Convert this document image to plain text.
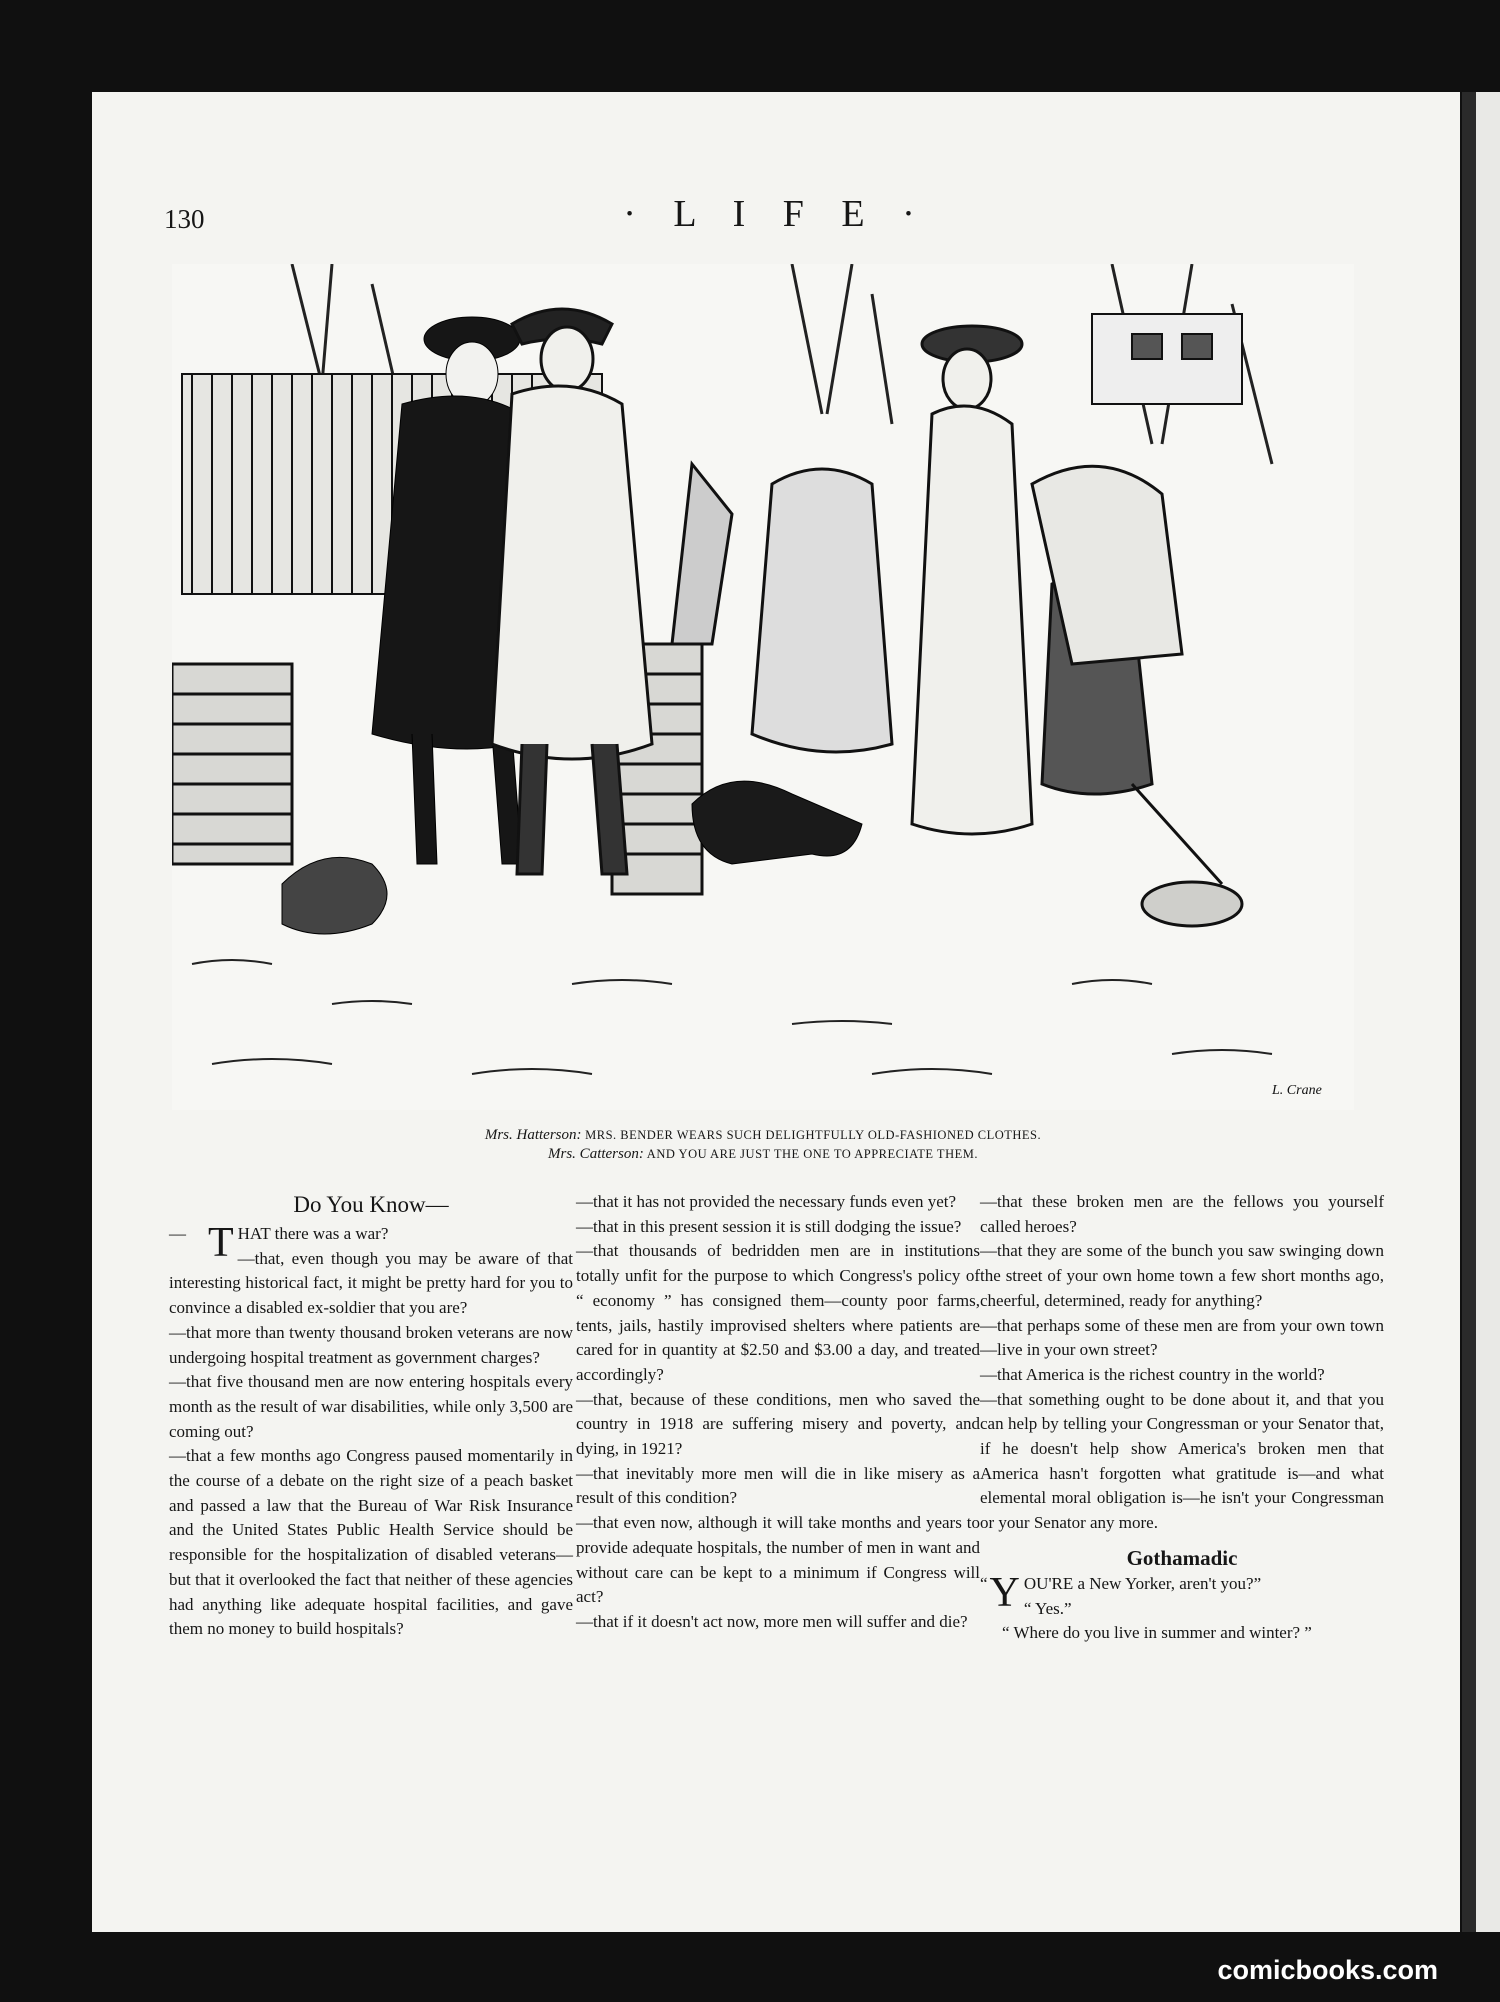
130	· L I F E ·
L. Crane
Mrs. Hatterson: MRS. BENDER WEARS SUCH DELIGHTFULLY OLD-FASHIONED CLOTHES.
Mrs. Catterson: AND YOU ARE JUST THE ONE TO APPRECIATE THEM.
Do You Know—

— T HAT there was a war?

—that, even though you may be aware of that interesting historical fact, it might be pretty hard for you to convince a disabled ex-soldier that you are?

—that more than twenty thousand broken veterans are now undergoing hospital treatment as government charges?

—that five thousand men are now entering hospitals every month as the result of war disabilities, while only 3,500 are coming out?

—that a few months ago Congress paused momentarily in the course of a debate on the right size of a peach basket and passed a law that the Bureau of War Risk Insurance and the United States Public Health Service should be responsible for the hospitalization of disabled veterans—but that it overlooked the fact that neither of these agencies had anything like adequate hospital facilities, and gave them no money to build hospitals?

—that it has not provided the necessary funds even yet?

—that in this present session it is still dodging the issue?

—that thousands of bedridden men are in institutions totally unfit for the purpose to which Congress's policy of “ economy ” has consigned them—county poor farms, tents, jails, hastily improvised shelters where patients are cared for in quantity at $2.50 and $3.00 a day, and treated accordingly?

—that, because of these conditions, men who saved the country in 1918 are suffering misery and poverty, and dying, in 1921?

—that inevitably more men will die in like misery as a result of this condition?

—that even now, although it will take months and years to provide adequate hospitals, the number of men in want and without care can be kept to a minimum if Congress will act?

—that if it doesn't act now, more men will suffer and die?

—that these broken men are the fellows you yourself called heroes?

—that they are some of the bunch you saw swinging down the street of your own home town a few short months ago, cheerful, determined, ready for anything?

—that perhaps some of these men are from your own town—live in your own street?

—that America is the richest country in the world?

—that something ought to be done about it, and that you can help by telling your Congressman or your Senator that, if he doesn't help show America's broken men that America hasn't forgotten what gratitude is—and what elemental moral obligation is—he isn't your Congressman or your Senator any more.

Gothamadic

“ Y OU'RE a New Yorker, aren't you?”

“ Yes.”

“ Where do you live in summer and winter? ”

comicbooks.com
